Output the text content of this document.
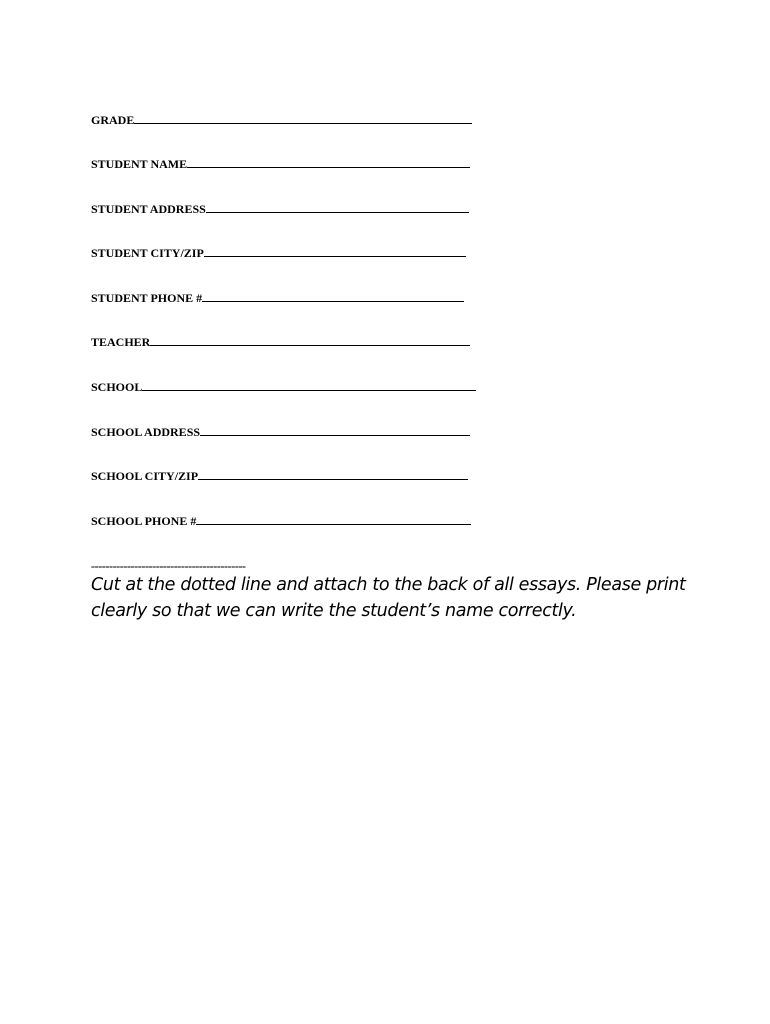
GRADE
STUDENT NAME
STUDENT ADDRESS
STUDENT CITY/ZIP
STUDENT PHONE #
TEACHER
SCHOOL
SCHOOL ADDRESS
SCHOOL CITY/ZIP
SCHOOL PHONE #
-------------------------------------------
Cut at the dotted line and attach to the back of all essays. Please print
clearly so that we can write the student’s name correctly.
